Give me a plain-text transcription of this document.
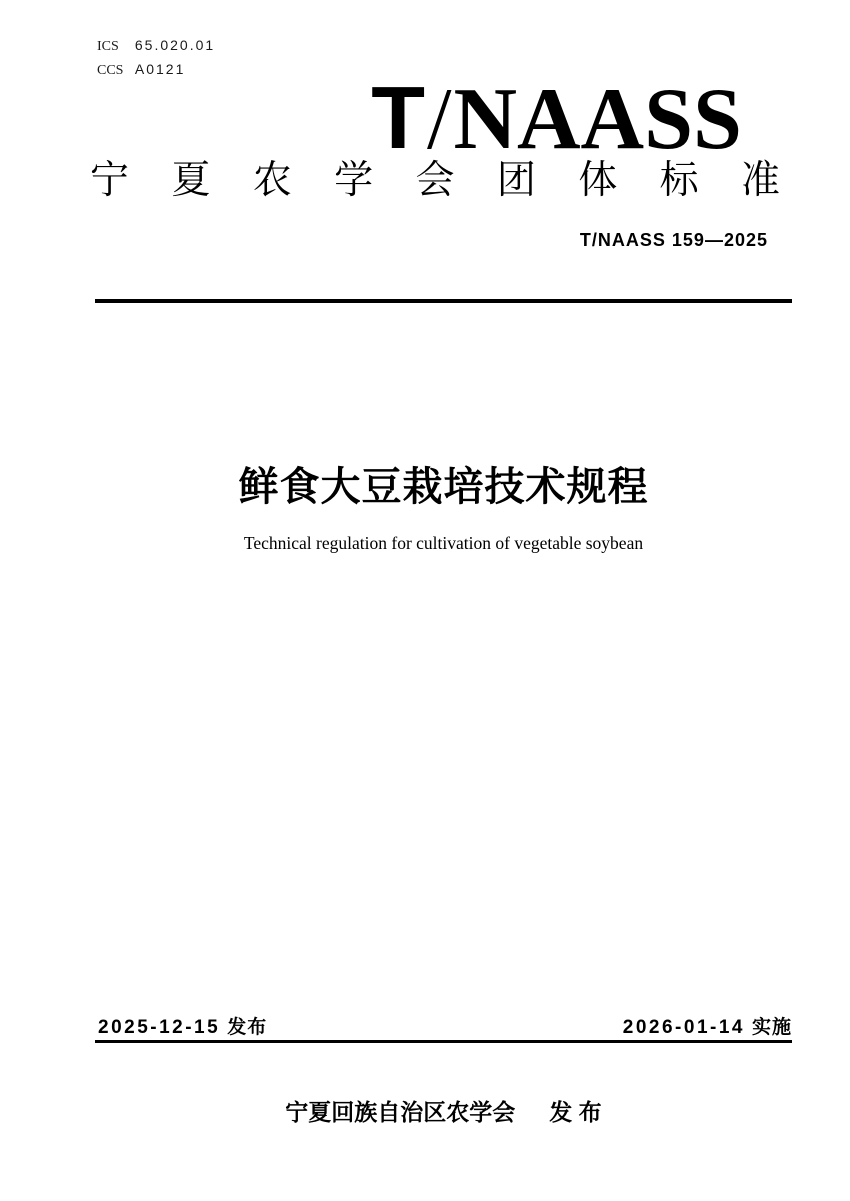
ICS 65.020.01
CCS A0121	T/NAASS
宁夏农学会团体标准
T/NAASS 159—2025
鲜食大豆栽培技术规程
Technical regulation for cultivation of vegetable soybean
2025-12-15 发布	2026-01-14 实施
宁夏回族自治区农学会 发 布
